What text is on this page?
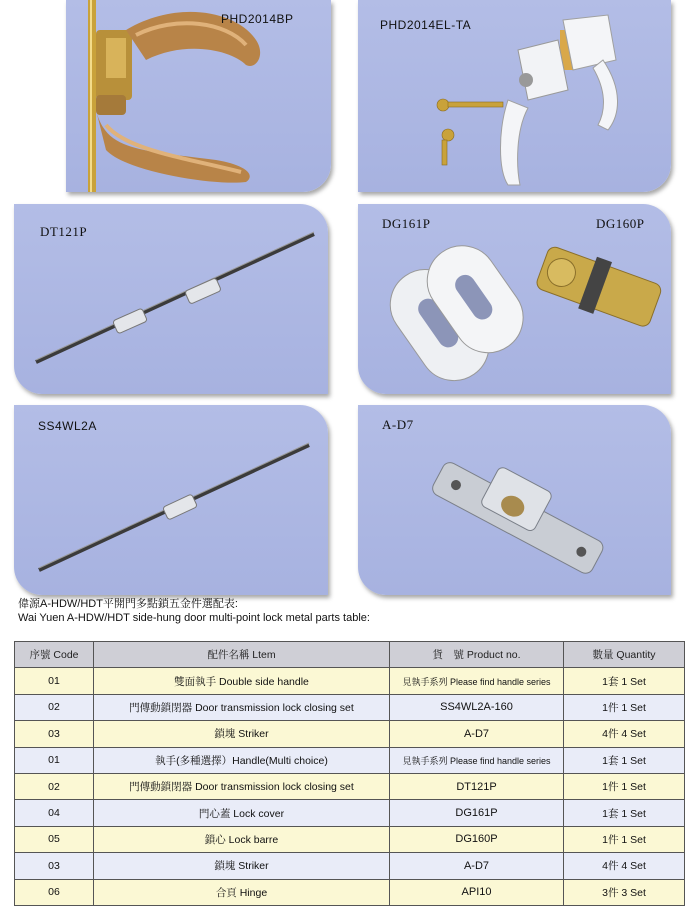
PHD2014BP	PHD2014EL-TA
DT121P
DG161P	DG160P
SS4WL2A	A-D7
偉源A-HDW/HDT平開門多點鎖五金件選配表:
Wai Yuen A-HDW/HDT side-hung door multi-point lock metal parts table:
序號 Code	配件名稱 Ltem	貨　號 Product no.	數量 Quantity
01	雙面執手 Double side handle	見執手系列 Please find handle series	1套 1 Set
02	門傳動鎖閉器 Door transmission lock closing set	SS4WL2A-160	1件 1 Set
03	鎖塊 Striker	A-D7	4件 4 Set
01	執手(多種選擇）Handle(Multi choice)	見執手系列 Please find handle series	1套 1 Set
02	門傳動鎖閉器 Door transmission lock closing set	DT121P	1件 1 Set
04	門心蓋 Lock cover	DG161P	1套 1 Set
05	鎖心 Lock barre	DG160P	1件 1 Set
03	鎖塊 Striker	A-D7	4件 4 Set
06	合頁 Hinge	API10	3件 3 Set
